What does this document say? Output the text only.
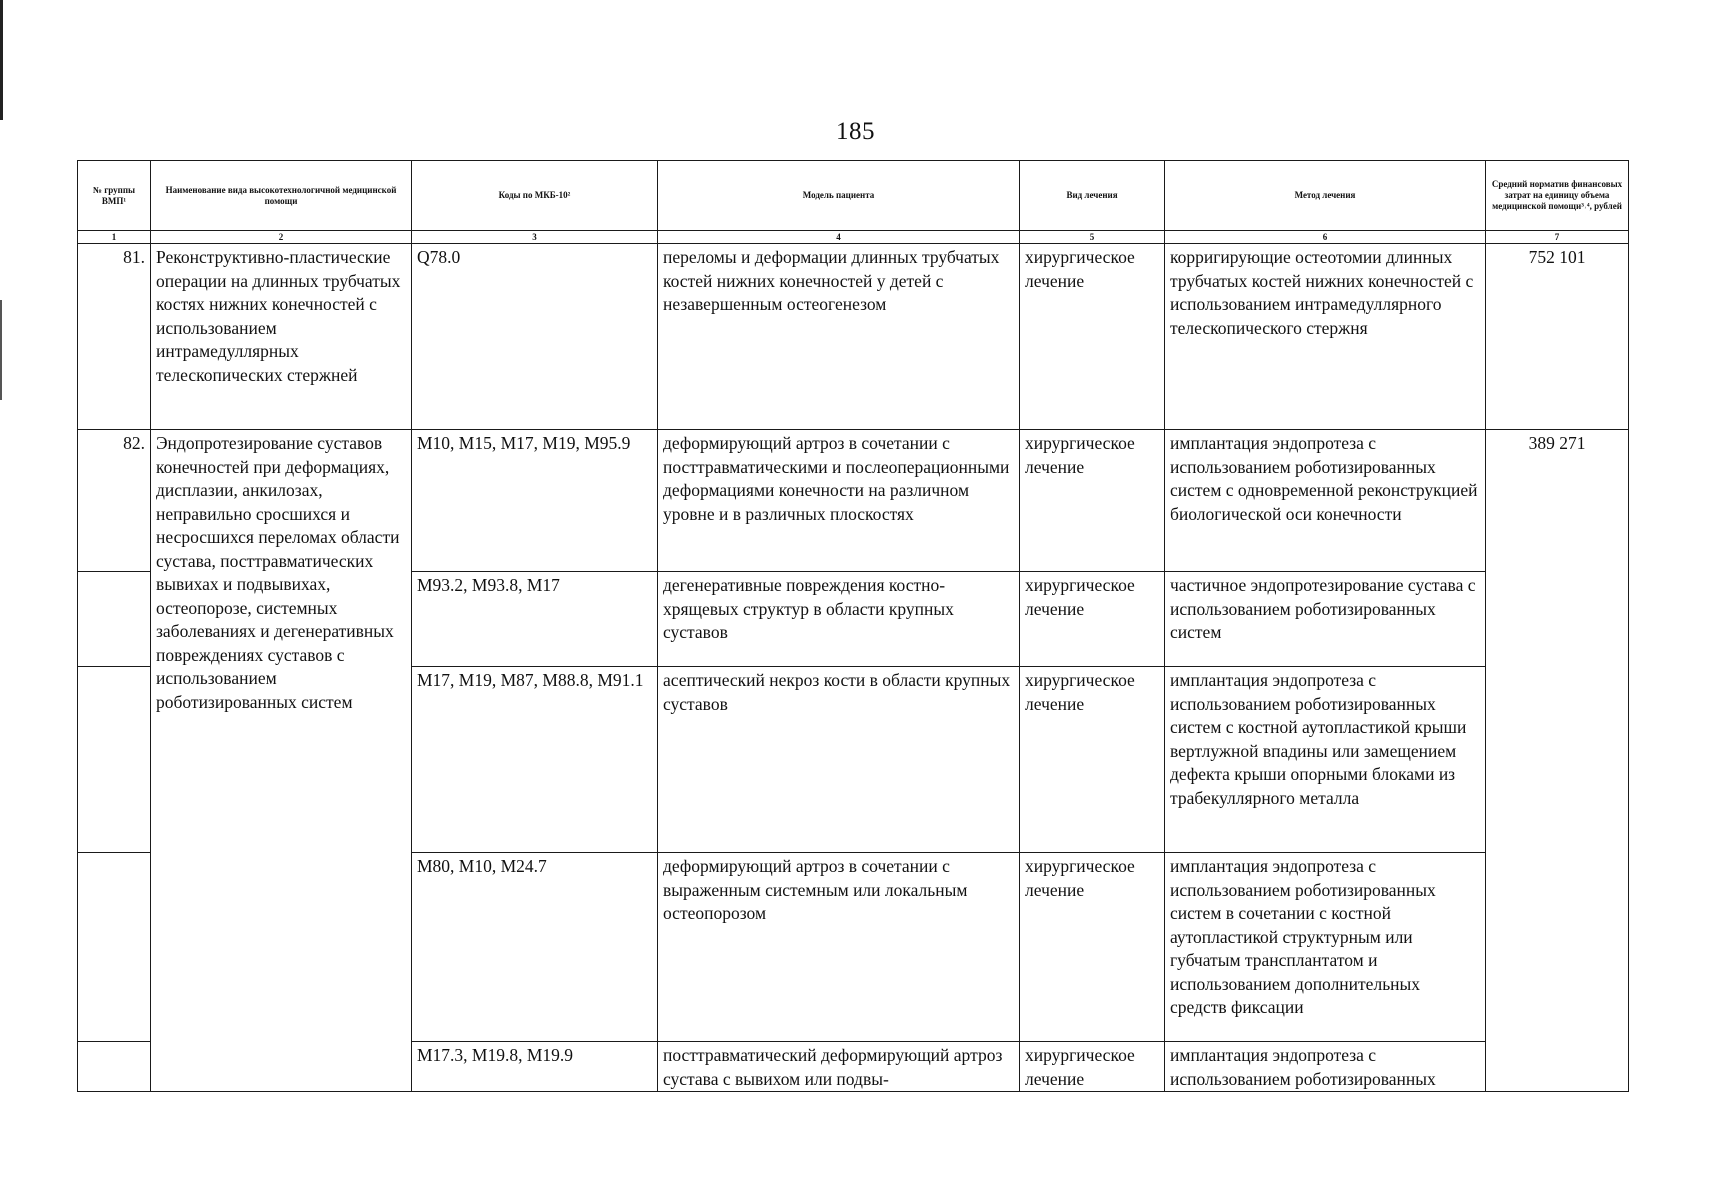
185
№ группы ВМП¹	Наименование вида высокотехнологичной медицинской помощи	Коды по МКБ-10²	Модель пациента	Вид лечения	Метод лечения	Средний норматив финансовых затрат на единицу объема медицинской помощи³˒⁴, рублей
1	2	3	4	5	6	7
81.	Реконструктивно-пластические операции на длинных трубчатых костях нижних конечностей с использованием интрамедуллярных телескопических стержней	Q78.0	переломы и деформации длинных трубчатых костей нижних конечностей у детей с незавершенным остеогенезом	хирургическое лечение	корригирующие остеотомии длинных трубчатых костей нижних конечностей с использованием интрамедуллярного телескопического стержня	752 101
82.	Эндопротезирование суставов конечностей при деформациях, дисплазии, анкилозах, неправильно сросшихся и несросшихся переломах области сустава, посттравматических вывихах и подвывихах, остеопорозе, системных заболеваниях и дегенеративных повреждениях суставов с использованием роботизированных систем	M10, M15, M17, M19, M95.9	деформирующий артроз в сочетании с посттравматическими и послеоперационными деформациями конечности на различном уровне и в различных плоскостях	хирургическое лечение	имплантация эндопротеза с использованием роботизированных систем с одновременной реконструкцией биологической оси конечности	389 271
		M93.2, M93.8, M17	дегенеративные повреждения костно-хрящевых структур в области крупных суставов	хирургическое лечение	частичное эндопротезирование сустава с использованием роботизированных систем	
		M17, M19, M87, M88.8, M91.1	асептический некроз кости в области крупных суставов	хирургическое лечение	имплантация эндопротеза с использованием роботизированных систем с костной аутопластикой крыши вертлужной впадины или замещением дефекта крыши опорными блоками из трабекуллярного металла	
		M80, M10, M24.7	деформирующий артроз в сочетании с выраженным системным или локальным остеопорозом	хирургическое лечение	имплантация эндопротеза с использованием роботизированных систем в сочетании с костной аутопластикой структурным или губчатым трансплантатом и использованием дополнительных средств фиксации	
		M17.3, M19.8, M19.9	посттравматический деформирующий артроз сустава с вывихом или подвы-	хирургическое лечение	имплантация эндопротеза с использованием роботизированных	
